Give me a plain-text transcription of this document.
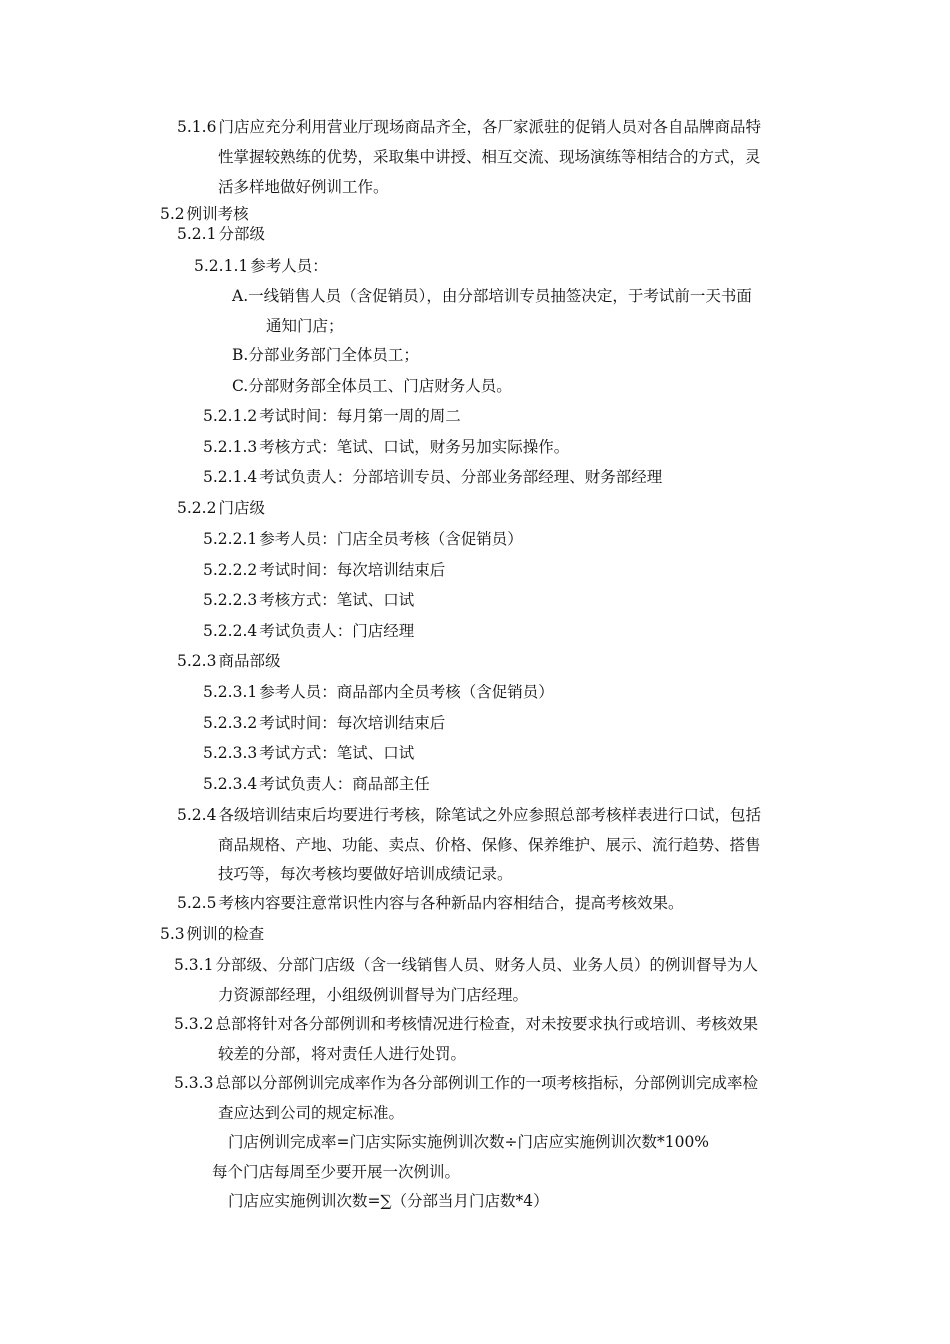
5.1.6 门店应充分利用营业厅现场商品齐全，各厂家派驻的促销人员对各自品牌商品特
性掌握较熟练的优势，采取集中讲授、相互交流、现场演练等相结合的方式，灵
活多样地做好例训工作。
5.2 例训考核
5.2.1 分部级
5.2.1.1 参考人员：
A.一线销售人员（含促销员），由分部培训专员抽签决定，于考试前一天书面
通知门店；
B.分部业务部门全体员工；
C.分部财务部全体员工、门店财务人员。
5.2.1.2 考试时间：每月第一周的周二
5.2.1.3 考核方式：笔试、口试，财务另加实际操作。
5.2.1.4 考试负责人：分部培训专员、分部业务部经理、财务部经理
5.2.2 门店级
5.2.2.1 参考人员：门店全员考核（含促销员）
5.2.2.2 考试时间：每次培训结束后
5.2.2.3 考核方式：笔试、口试
5.2.2.4 考试负责人：门店经理
5.2.3 商品部级
5.2.3.1 参考人员：商品部内全员考核（含促销员）
5.2.3.2 考试时间：每次培训结束后
5.2.3.3 考试方式：笔试、口试
5.2.3.4 考试负责人：商品部主任
5.2.4 各级培训结束后均要进行考核，除笔试之外应参照总部考核样表进行口试，包括
商品规格、产地、功能、卖点、价格、保修、保养维护、展示、流行趋势、搭售
技巧等，每次考核均要做好培训成绩记录。
5.2.5 考核内容要注意常识性内容与各种新品内容相结合，提高考核效果。
5.3 例训的检查
5.3.1 分部级、分部门店级（含一线销售人员、财务人员、业务人员）的例训督导为人
力资源部经理，小组级例训督导为门店经理。
5.3.2 总部将针对各分部例训和考核情况进行检查，对未按要求执行或培训、考核效果
较差的分部，将对责任人进行处罚。
5.3.3 总部以分部例训完成率作为各分部例训工作的一项考核指标，分部例训完成率检
查应达到公司的规定标准。
门店例训完成率=门店实际实施例训次数÷门店应实施例训次数*100%
每个门店每周至少要开展一次例训。
门店应实施例训次数=∑（分部当月门店数*4）
